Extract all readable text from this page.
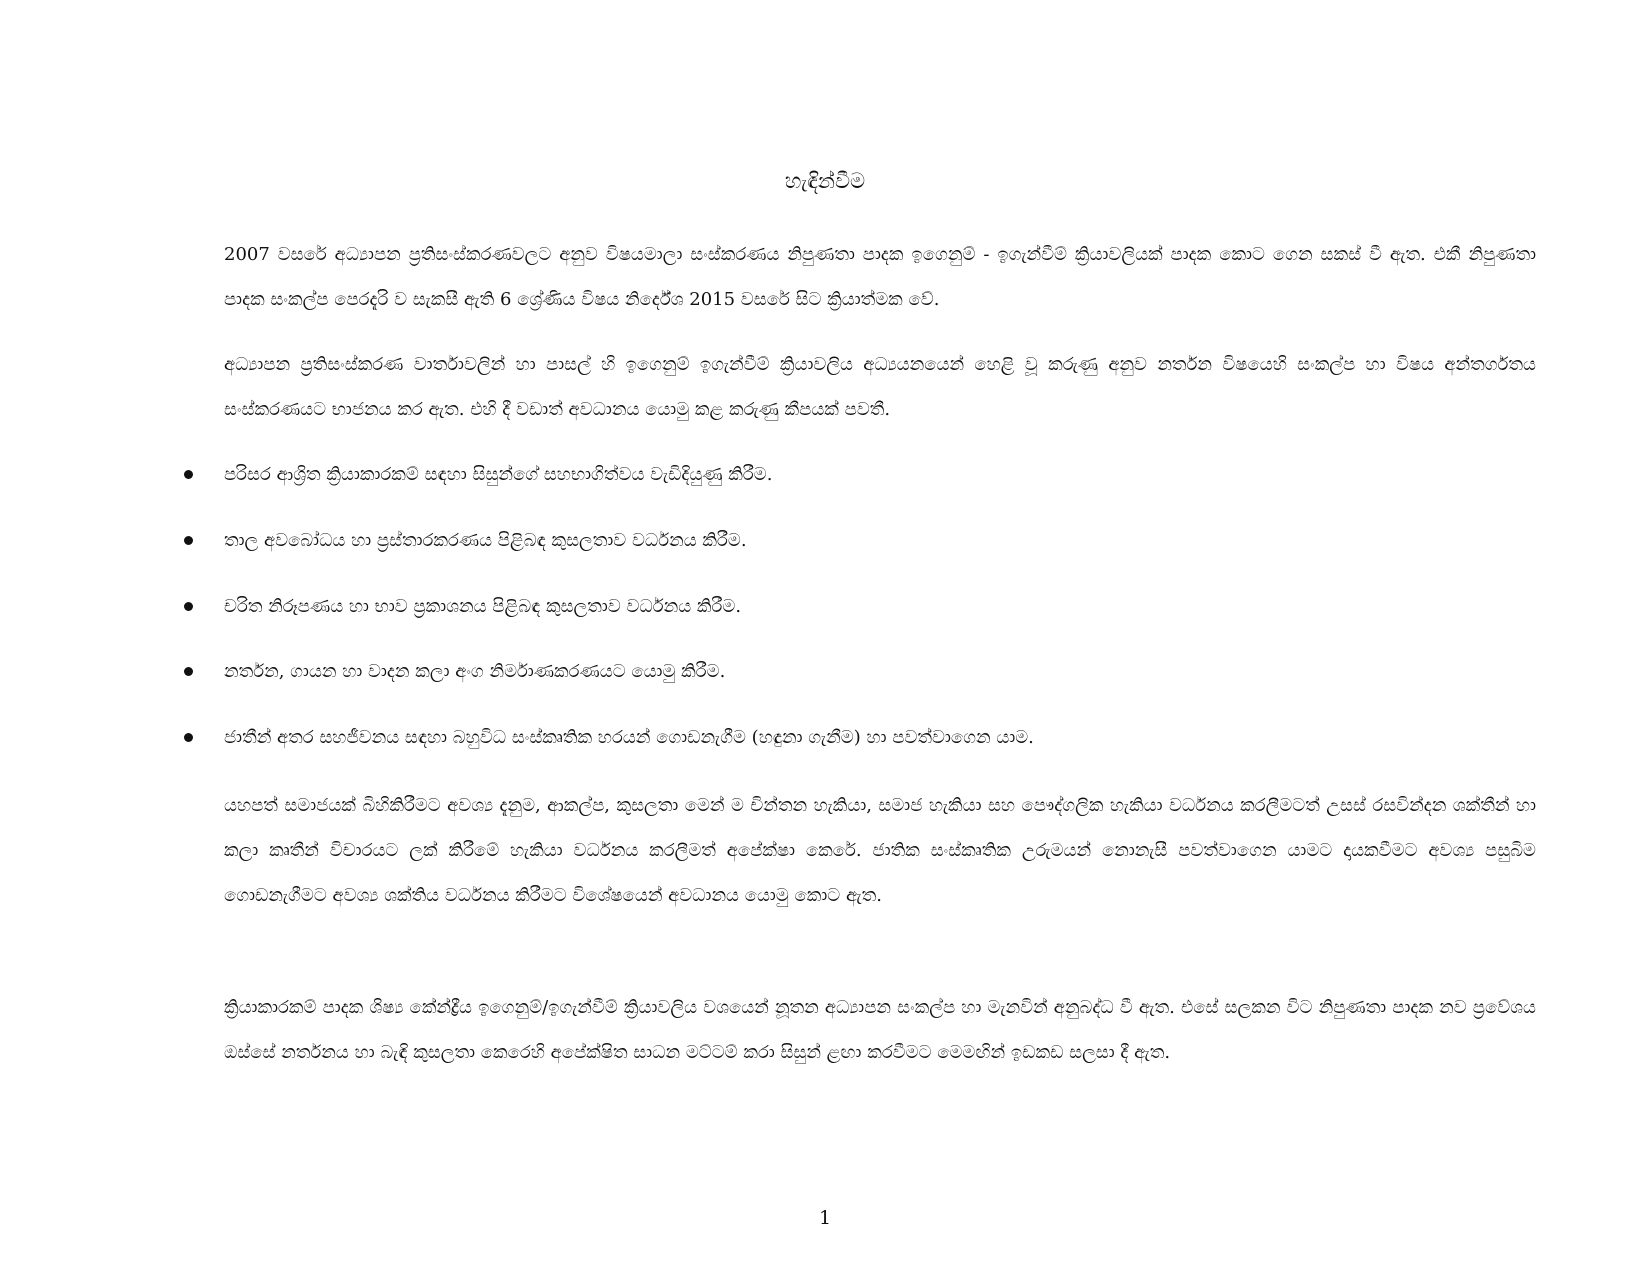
හැඳින්වීම

2007 වසරේ අධ්‍යාපන ප්‍රතිසංස්කරණවලට අනුව විෂයමාලා සංස්කරණය නිපුණතා පාදක ඉගෙනුම් - ඉගැන්වීම් ක්‍රියාවලියක් පාදක කොට ගෙන සකස් වී ඇත. එකී නිපුණතා පාදක සංකල්ප පෙරදැරි ව සැකසී ඇති 6 ශ්‍රේණිය විෂය නිර්දේශ 2015 වසරේ සිට ක්‍රියාත්මක වේ.

අධ්‍යාපන ප්‍රතිසංස්කරණ වාර්තාවලින් හා පාසල් හි ඉගෙනුම් ඉගැන්වීම් ක්‍රියාවලිය අධ්‍යයනයෙන් හෙළි වූ කරුණු අනුව නර්තන විෂයෙහි සංකල්ප හා විෂය අන්තර්ගතය සංස්කරණයට භාජනය කර ඇත. එහි දී වඩාත් අවධානය යොමු කළ කරුණු කීපයක් පවතී.

පරිසර ආශ්‍රිත ක්‍රියාකාරකම් සඳහා සිසුන්ගේ සහභාගිත්වය වැඩිදියුණු කිරීම.
තාල අවබෝධය හා ප්‍රස්තාරකරණය පිළිබඳ කුසලතාව වර්ධනය කිරීම.
චරිත නිරූපණය හා භාව ප්‍රකාශනය පිළිබඳ කුසලතාව වර්ධනය කිරීම.
නර්තන, ගායන හා වාදන කලා අංග නිර්මාණකරණයට යොමු කිරීම.
ජාතීන් අතර සහජීවනය සඳහා බහුවිධ සංස්කෘතික හරයන් ගොඩනැගීම (හඳුනා ගැනීම) හා පවත්වාගෙන යාම.

යහපත් සමාජයක් බිහිකිරීමට අවශ්‍ය දැනුම, ආකල්ප, කුසලතා මෙන් ම චින්තන හැකියා, සමාජ හැකියා සහ පෞද්ගලික හැකියා වර්ධනය කරලීමටත් උසස් රසවින්දන ශක්තීන් හා කලා කෘතීන් විචාරයට ලක් කිරීමේ හැකියා වර්ධනය කරලීමත් අපේක්ෂා කෙරේ. ජාතික සංස්කෘතික උරුමයන් නොනැසී පවත්වාගෙන යාමට දායකවීමට අවශ්‍ය පසුබිම ගොඩනැගීමට අවශ්‍ය ශක්තිය වර්ධනය කිරීමට විශේෂයෙන් අවධානය යොමු කොට ඇත.

ක්‍රියාකාරකම් පාදක ශිෂ්‍ය කේන්ද්‍රීය ඉගෙනුම්/ඉගැන්වීම් ක්‍රියාවලිය වශයෙන් නූතන අධ්‍යාපන සංකල්ප හා මැනවින් අනුබද්ධ වී ඇත. එසේ සලකන විට නිපුණතා පාදක නව ප්‍රවේශය ඔස්සේ නර්තනය හා බැඳි කුසලතා කෙරෙහි අපේක්ෂිත සාධන මට්ටම් කරා සිසුන් ළඟා කරවීමට මෙමඟින් ඉඩකඩ සලසා දී ඇත.

1
